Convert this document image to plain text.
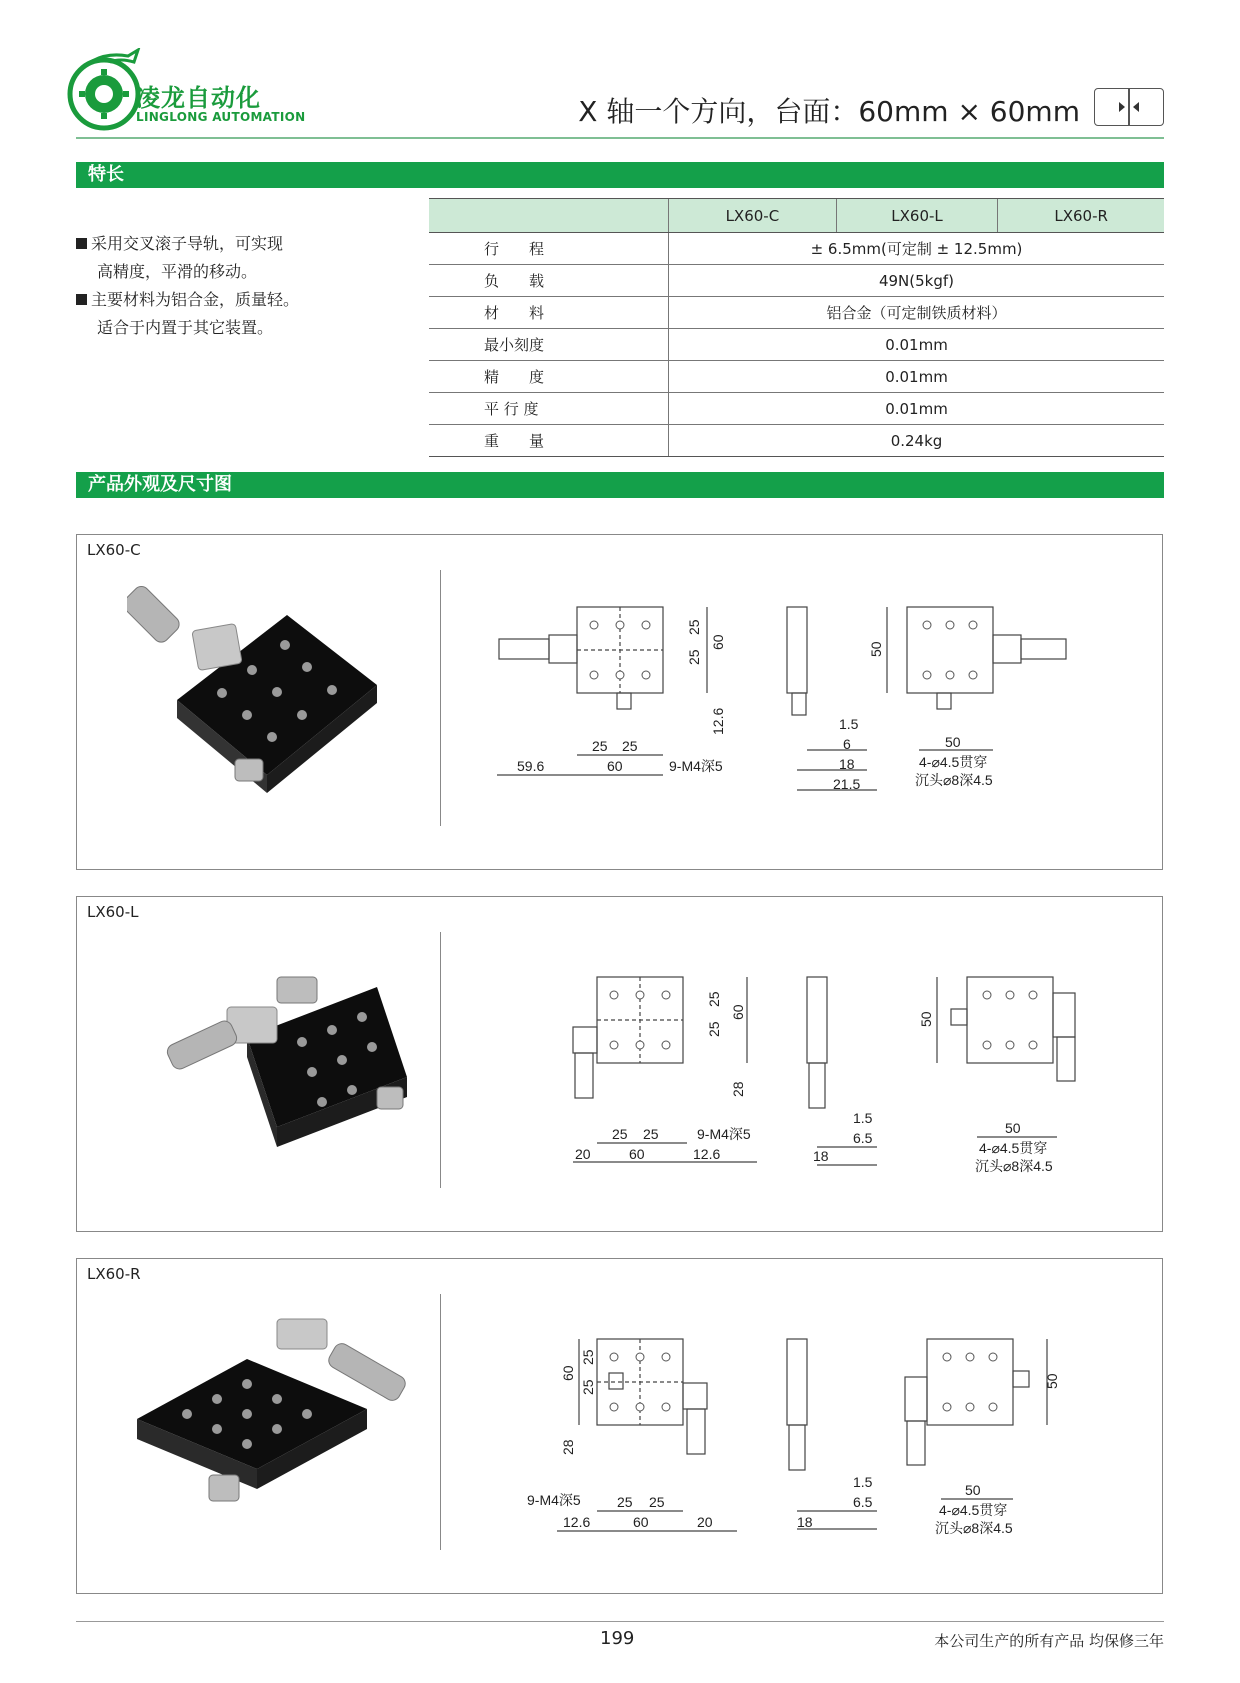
凌龙自动化
LINGLONG AUTOMATION	X 轴一个方向，台面：60mm × 60mm
特长
采用交叉滚子导轨，可实现
高精度，平滑的移动。
主要材料为铝合金，质量轻。
适合于内置于其它装置。
	LX60-C	LX60-L	LX60-R
行　　程	± 6.5mm(可定制 ± 12.5mm)		
负　　载	49N(5kgf)		
材　　料	铝合金（可定制铁质材料）		
最小刻度	0.01mm		
精　　度	0.01mm		
平 行 度	0.01mm		
重　　量	0.24kg		
产品外观及尺寸图
LX60-C
25
25
60
12.6
25 25
59.6	60	9-M4深5
1.5
6
18
21.5
50
50
4-⌀4.5贯穿
沉头⌀8深4.5
LX60-L
25
25
60
28
25 25
20	60	12.6
9-M4深5
1.5
6.5
18
50
50
4-⌀4.5贯穿
沉头⌀8深4.5
LX60-R
25
25
60
28
9-M4深5	25 25
12.6	60	20
1.5
6.5
18
50
50
4-⌀4.5贯穿
沉头⌀8深4.5
199	本公司生产的所有产品 均保修三年
